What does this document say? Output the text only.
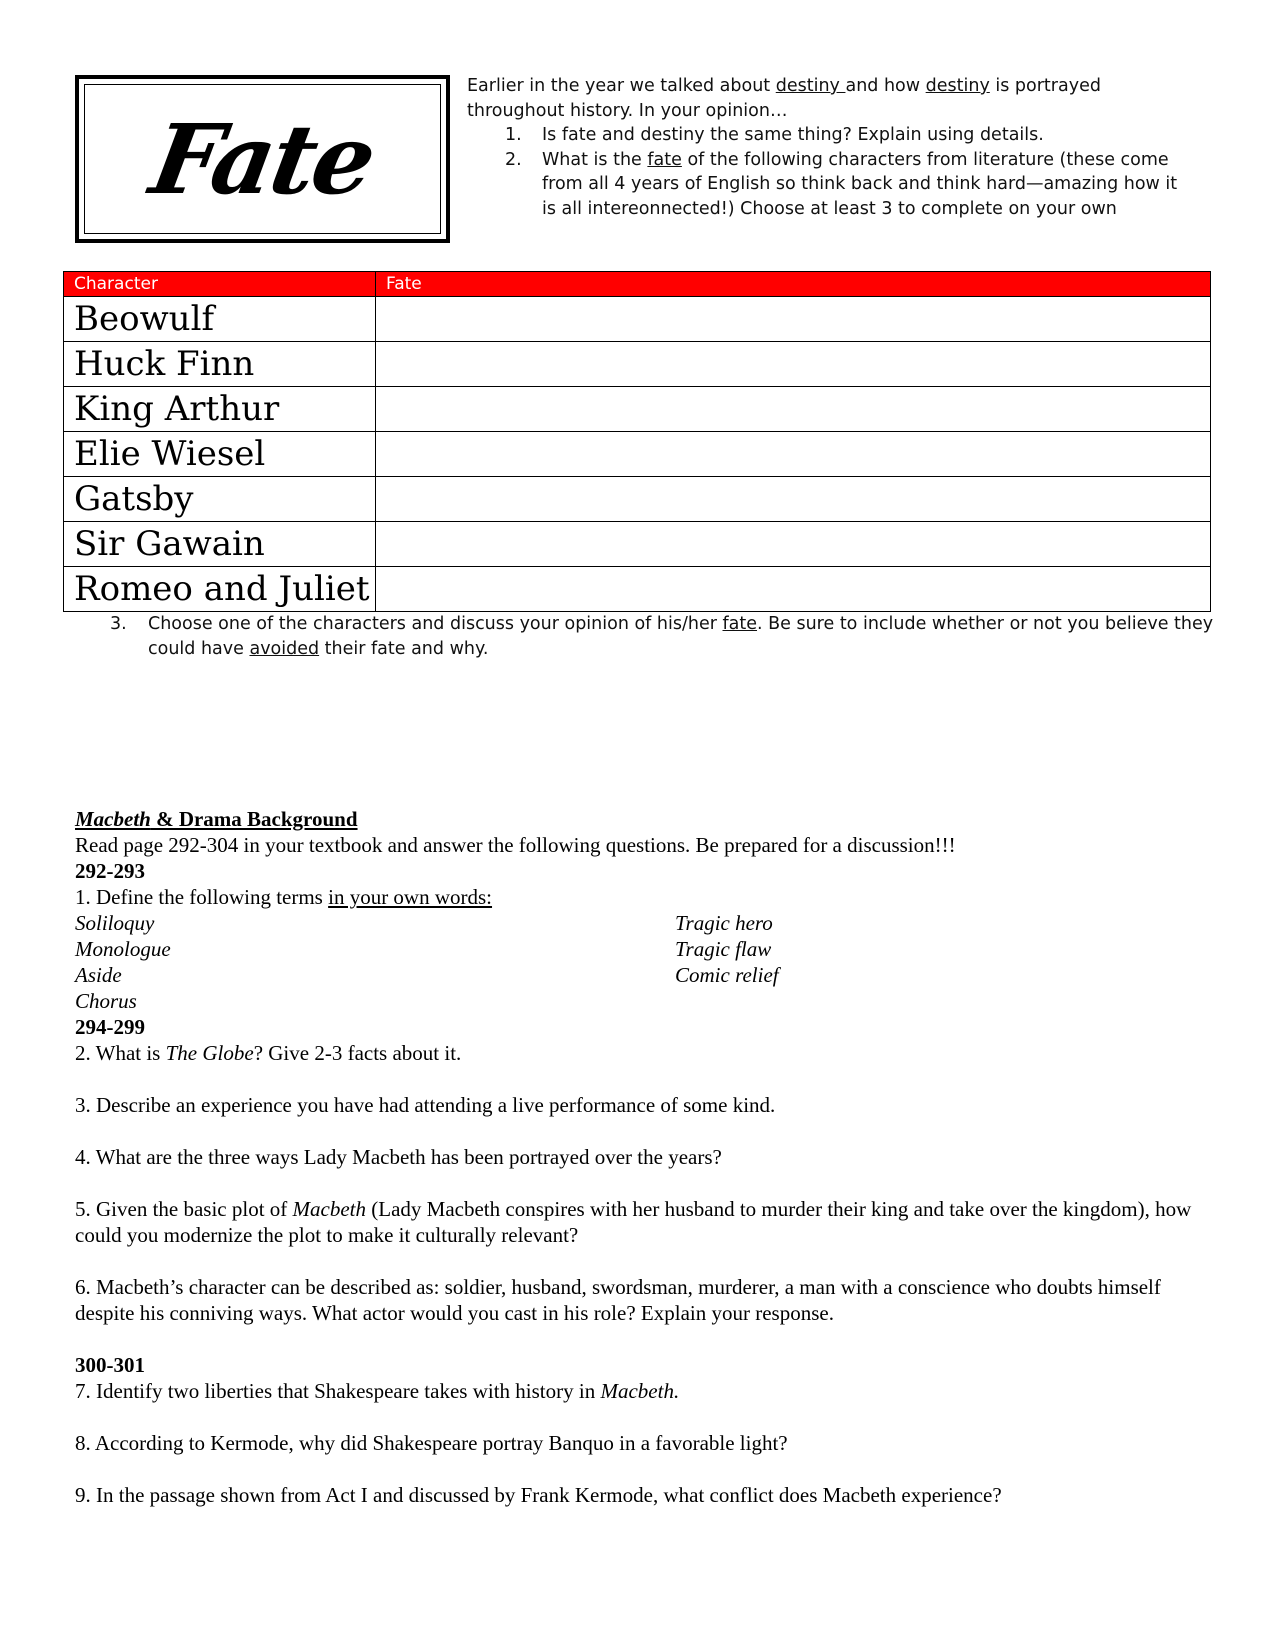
Fate

Earlier in the year we talked about destiny and how destiny is portrayed throughout history. In your opinion…

1. Is fate and destiny the same thing? Explain using details.

2. What is the fate of the following characters from literature (these come from all 4 years of English so think back and think hard—amazing how it is all intereonnected!) Choose at least 3 to complete on your own

Character	Fate
Beowulf	
Huck Finn	
King Arthur	
Elie Wiesel	
Gatsby	
Sir Gawain	
Romeo and Juliet	
3. Choose one of the characters and discuss your opinion of his/her fate. Be sure to include whether or not you believe they could have avoided their fate and why.

Macbeth & Drama Background

Read page 292-304 in your textbook and answer the following questions. Be prepared for a discussion!!!

292-293

1. Define the following terms in your own words:

Soliloquy
Monologue
Aside
Chorus
Tragic hero
Tragic flaw
Comic relief

294-299

2. What is The Globe? Give 2-3 facts about it.

3. Describe an experience you have had attending a live performance of some kind.

4. What are the three ways Lady Macbeth has been portrayed over the years?

5. Given the basic plot of Macbeth (Lady Macbeth conspires with her husband to murder their king and take over the kingdom), how could you modernize the plot to make it culturally relevant?

6. Macbeth’s character can be described as: soldier, husband, swordsman, murderer, a man with a conscience who doubts himself despite his conniving ways. What actor would you cast in his role? Explain your response.

300-301

7. Identify two liberties that Shakespeare takes with history in Macbeth.

8. According to Kermode, why did Shakespeare portray Banquo in a favorable light?

9. In the passage shown from Act I and discussed by Frank Kermode, what conflict does Macbeth experience?
